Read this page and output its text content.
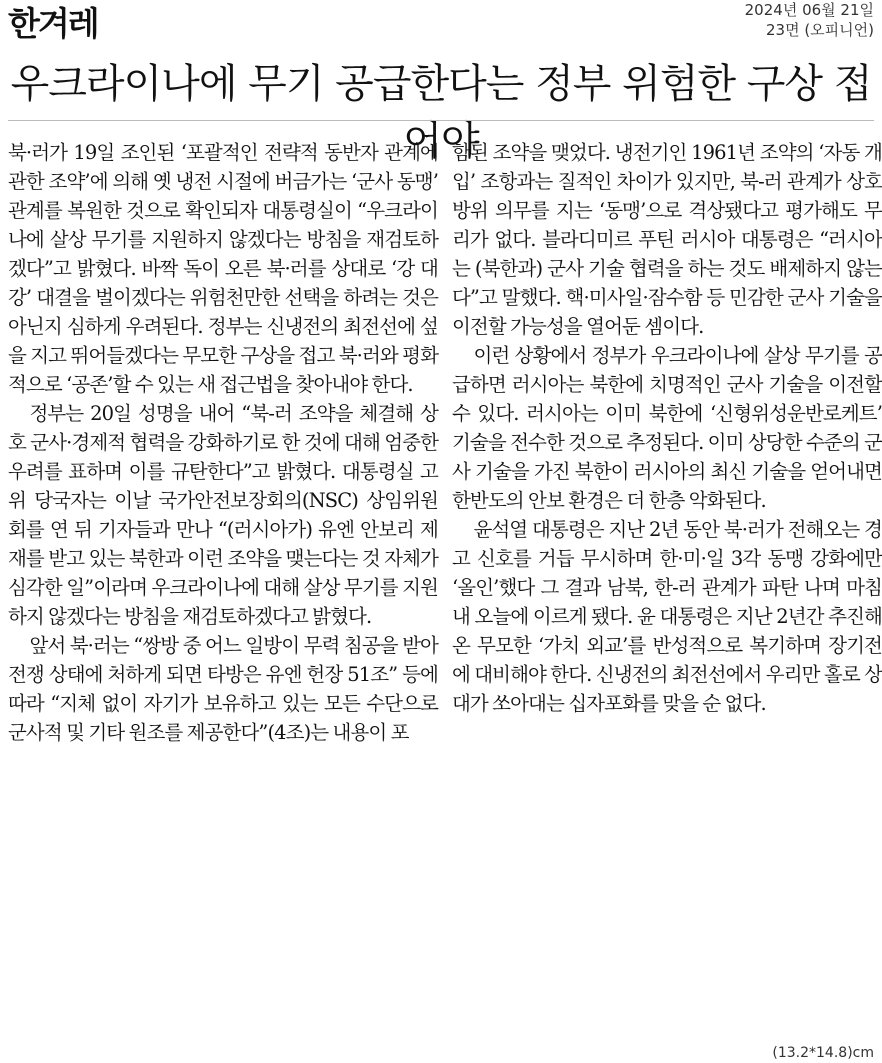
한겨레	2024년 06월 21일
23면 (오피니언)
우크라이나에 무기 공급한다는 정부 위험한 구상 접어야

북·러가 19일 조인된 ‘포괄적인 전략적 동반자 관계에 관한 조약’에 의해 옛 냉전 시절에 버금가는 ‘군사 동맹’ 관계를 복원한 것으로 확인되자 대통령실이 “우크라이나에 살상 무기를 지원하지 않겠다는 방침을 재검토하겠다”고 밝혔다. 바짝 독이 오른 북·러를 상대로 ‘강 대 강’ 대결을 벌이겠다는 위험천만한 선택을 하려는 것은 아닌지 심하게 우려된다. 정부는 신냉전의 최전선에 섶을 지고 뛰어들겠다는 무모한 구상을 접고 북·러와 평화적으로 ‘공존’할 수 있는 새 접근법을 찾아내야 한다.

정부는 20일 성명을 내어 “북-러 조약을 체결해 상호 군사·경제적 협력을 강화하기로 한 것에 대해 엄중한 우려를 표하며 이를 규탄한다”고 밝혔다. 대통령실 고위 당국자는 이날 국가안전보장회의(NSC) 상임위원회를 연 뒤 기자들과 만나 “(러시아가) 유엔 안보리 제재를 받고 있는 북한과 이런 조약을 맺는다는 것 자체가 심각한 일”이라며 우크라이나에 대해 살상 무기를 지원하지 않겠다는 방침을 재검토하겠다고 밝혔다.

앞서 북·러는 “쌍방 중 어느 일방이 무력 침공을 받아 전쟁 상태에 처하게 되면 타방은 유엔 헌장 51조” 등에 따라 “지체 없이 자기가 보유하고 있는 모든 수단으로 군사적 및 기타 원조를 제공한다”(4조)는 내용이 포

함된 조약을 맺었다. 냉전기인 1961년 조약의 ‘자동 개입’ 조항과는 질적인 차이가 있지만, 북-러 관계가 상호방위 의무를 지는 ‘동맹’으로 격상됐다고 평가해도 무리가 없다. 블라디미르 푸틴 러시아 대통령은 “러시아는 (북한과) 군사 기술 협력을 하는 것도 배제하지 않는다”고 말했다. 핵·미사일·잠수함 등 민감한 군사 기술을 이전할 가능성을 열어둔 셈이다.

이런 상황에서 정부가 우크라이나에 살상 무기를 공급하면 러시아는 북한에 치명적인 군사 기술을 이전할 수 있다. 러시아는 이미 북한에 ‘신형위성운반로케트’ 기술을 전수한 것으로 추정된다. 이미 상당한 수준의 군사 기술을 가진 북한이 러시아의 최신 기술을 얻어내면 한반도의 안보 환경은 더 한층 악화된다.

윤석열 대통령은 지난 2년 동안 북·러가 전해오는 경고 신호를 거듭 무시하며 한·미·일 3각 동맹 강화에만 ‘올인’했다 그 결과 남북, 한-러 관계가 파탄 나며 마침내 오늘에 이르게 됐다. 윤 대통령은 지난 2년간 추진해온 무모한 ‘가치 외교’를 반성적으로 복기하며 장기전에 대비해야 한다. 신냉전의 최전선에서 우리만 홀로 상대가 쏘아대는 십자포화를 맞을 순 없다.

(13.2*14.8)cm
